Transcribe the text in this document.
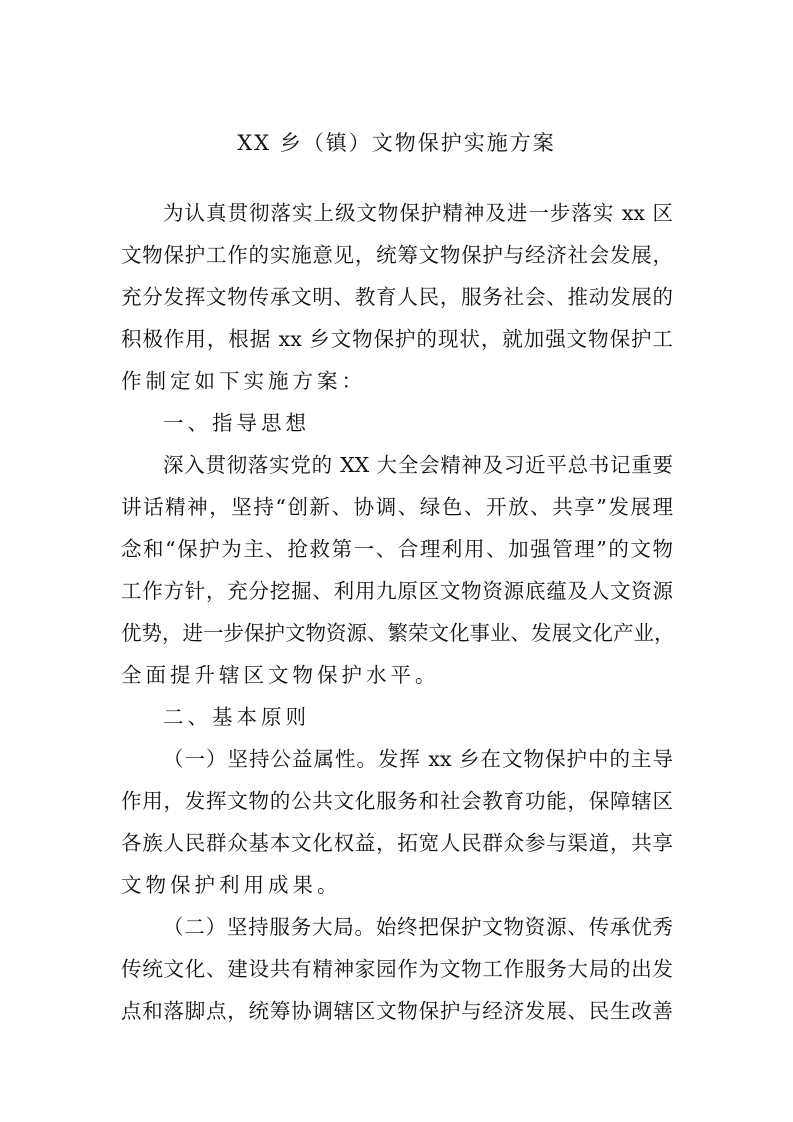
XX 乡（镇）文物保护实施方案
为认真贯彻落实上级文物保护精神及进一步落实 xx 区
文物保护工作的实施意见，统筹文物保护与经济社会发展，
充分发挥文物传承文明、教育人民，服务社会、推动发展的
积极作用，根据 xx 乡文物保护的现状，就加强文物保护工
作制定如下实施方案：
一、指导思想
深入贯彻落实党的 XX 大全会精神及习近平总书记重要
讲话精神，坚持“创新、协调、绿色、开放、共享”发展理
念和“保护为主、抢救第一、合理利用、加强管理”的文物
工作方针，充分挖掘、利用九原区文物资源底蕴及人文资源
优势，进一步保护文物资源、繁荣文化事业、发展文化产业，
全面提升辖区文物保护水平。
二、基本原则
（一）坚持公益属性。发挥 xx 乡在文物保护中的主导
作用，发挥文物的公共文化服务和社会教育功能，保障辖区
各族人民群众基本文化权益，拓宽人民群众参与渠道，共享
文物保护利用成果。
（二）坚持服务大局。始终把保护文物资源、传承优秀
传统文化、建设共有精神家园作为文物工作服务大局的出发
点和落脚点，统筹协调辖区文物保护与经济发展、民生改善
